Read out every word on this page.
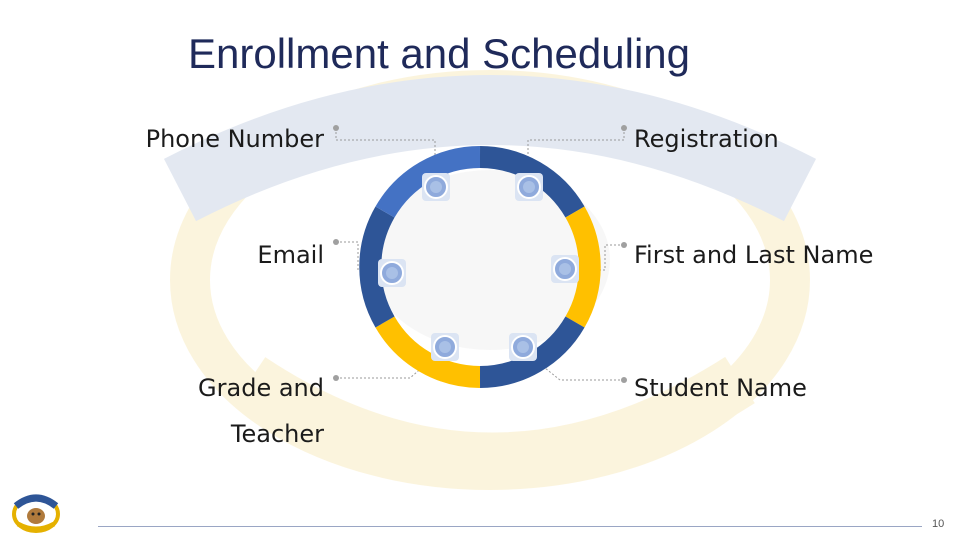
Enrollment and Scheduling
Phone Number
Email
Grade and Teacher
Registration
First and Last Name
Student Name
10
